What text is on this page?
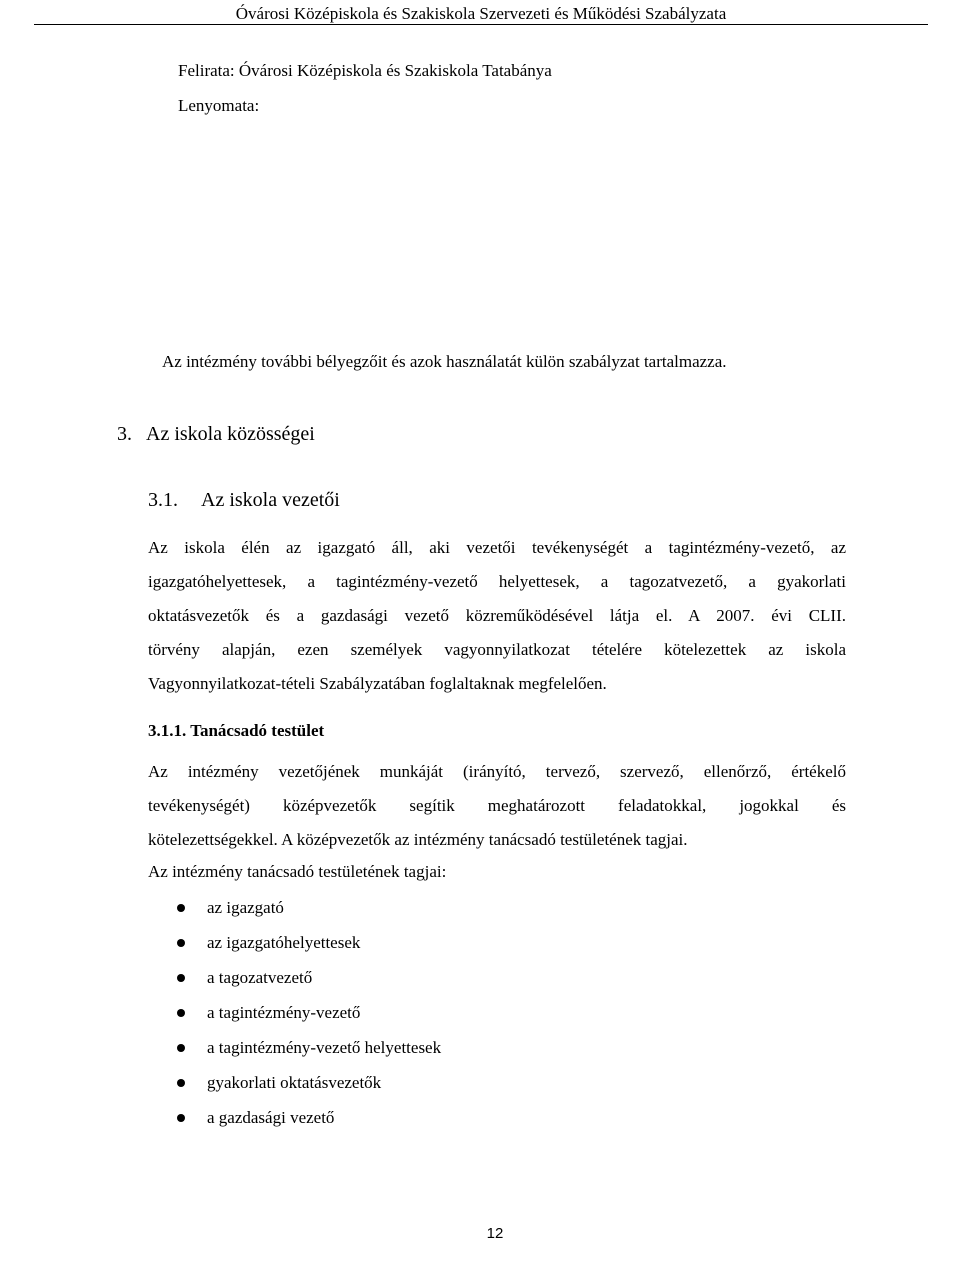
Óvárosi Középiskola és Szakiskola Szervezeti és Működési Szabályzata
Felirata: Óvárosi Középiskola és Szakiskola Tatabánya
Lenyomata:
Az intézmény további bélyegzőit és azok használatát külön szabályzat tartalmazza.
3. Az iskola közösségei
3.1. Az iskola vezetői
Az iskola élén az igazgató áll, aki vezetői tevékenységét a tagintézmény-vezető, az
igazgatóhelyettesek, a tagintézmény-vezető helyettesek, a tagozatvezető, a gyakorlati
oktatásvezetők és a gazdasági vezető közreműködésével látja el. A 2007. évi CLII.
törvény alapján, ezen személyek vagyonnyilatkozat tételére kötelezettek az iskola
Vagyonnyilatkozat-tételi Szabályzatában foglaltaknak megfelelően.
3.1.1. Tanácsadó testület
Az intézmény vezetőjének munkáját (irányító, tervező, szervező, ellenőrző, értékelő
tevékenységét) középvezetők segítik meghatározott feladatokkal, jogokkal és
kötelezettségekkel. A középvezetők az intézmény tanácsadó testületének tagjai.
Az intézmény tanácsadó testületének tagjai:
az igazgató
az igazgatóhelyettesek
a tagozatvezető
a tagintézmény-vezető
a tagintézmény-vezető helyettesek
gyakorlati oktatásvezetők
a gazdasági vezető
12
